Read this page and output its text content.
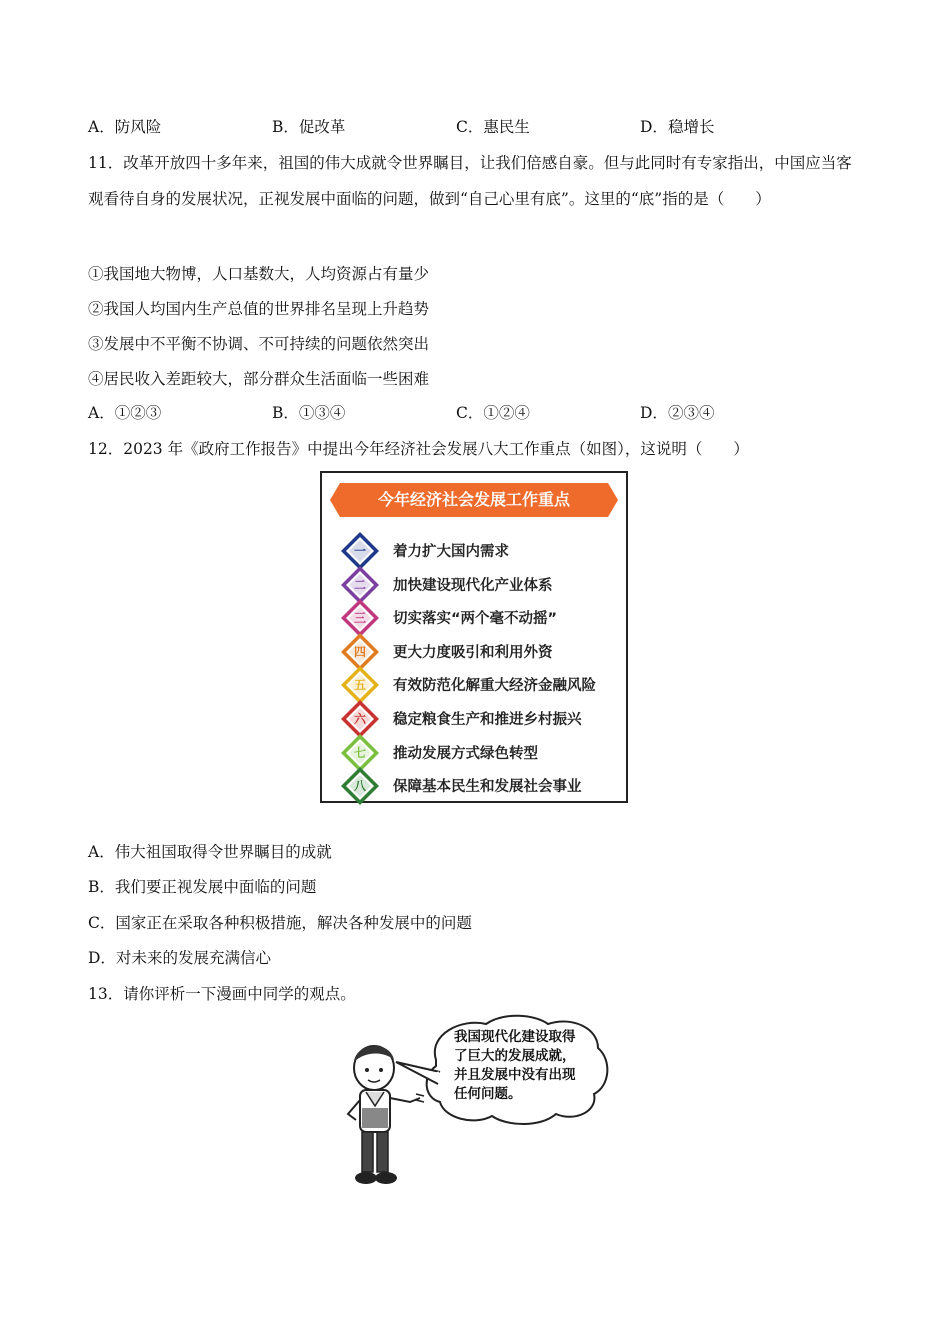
A．防风险	B．促改革	C．惠民生	D．稳增长
11．改革开放四十多年来，祖国的伟大成就令世界瞩目，让我们倍感自豪。但与此同时有专家指出，中国应当客观看待自身的发展状况，正视发展中面临的问题，做到“自己心里有底”。这里的“底”指的是（　　）
①我国地大物博，人口基数大，人均资源占有量少
②我国人均国内生产总值的世界排名呈现上升趋势
③发展中不平衡不协调、不可持续的问题依然突出
④居民收入差距较大，部分群众生活面临一些困难
A．①②③	B．①③④	C．①②④	D．②③④
12．2023 年《政府工作报告》中提出今年经济社会发展八大工作重点（如图），这说明（　　）
今年经济社会发展工作重点
一	着力扩大国内需求
二	加快建设现代化产业体系
三	切实落实“两个毫不动摇”
四	更大力度吸引和利用外资
五	有效防范化解重大经济金融风险
六	稳定粮食生产和推进乡村振兴
七	推动发展方式绿色转型
八	保障基本民生和发展社会事业
A．伟大祖国取得令世界瞩目的成就
B．我们要正视发展中面临的问题
C．国家正在采取各种积极措施，解决各种发展中的问题
D．对未来的发展充满信心
13．请你评析一下漫画中同学的观点。
我国现代化建设取得
了巨大的发展成就，
并且发展中没有出现
任何问题。
